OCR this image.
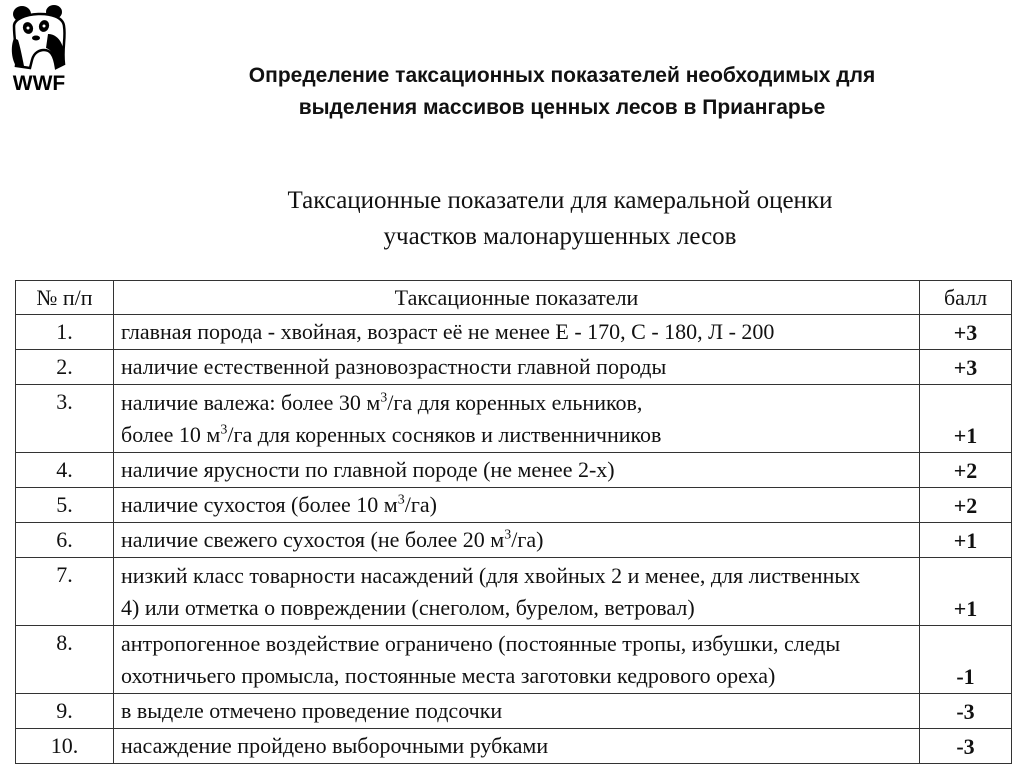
WWF	Определение таксационных показателей необходимых для
выделения массивов ценных лесов в Приангарье
Таксационные показатели для камеральной оценки
участков малонарушенных лесов
№ п/п	Таксационные показатели	балл
1.	главная порода - хвойная, возраст её не менее Е - 170, С - 180, Л - 200	+3
2.	наличие естественной разновозрастности главной породы	+3
3.	наличие валежа: более 30 $м^3/га$ для коренных ельников,
более 10 $м^3/га$ для коренных сосняков и лиственничников	+1
4.	наличие ярусности по главной породе (не менее 2-х)	+2
5.	наличие сухостоя (более 10 $м^3/га$)	+2
6.	наличие свежего сухостоя (не более 20 $м^3/га$)	+1
7.	низкий класс товарности насаждений (для хвойных 2 и менее, для лиственных
4) или отметка о повреждении (снеголом, бурелом, ветровал)	+1
8.	антропогенное воздействие ограничено (постоянные тропы, избушки, следы
охотничьего промысла, постоянные места заготовки кедрового ореха)	-1
9.	в выделе отмечено проведение подсочки	-3
10.	насаждение пройдено выборочными рубками	-3
